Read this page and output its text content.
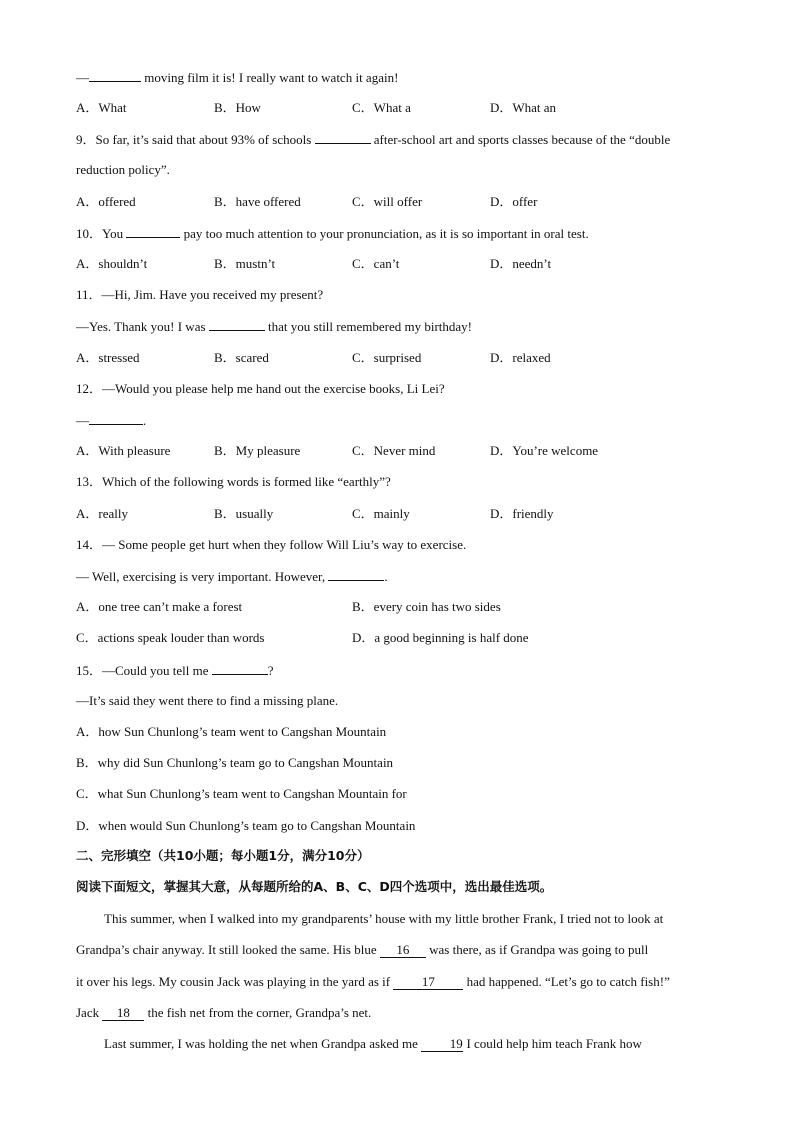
—	moving film it is! I really want to watch it again!
A．What	B．How	C．What a	D．What an
9．So far, it’s said that about 93% of schools	after-school art and sports classes because of the “double
reduction policy”.
A．offered	B．have offered	C．will offer	D．offer
10．You	pay too much attention to your pronunciation, as it is so important in oral test.
A．shouldn’t	B．mustn’t	C．can’t	D．needn’t
11．—Hi, Jim. Have you received my present?
—Yes. Thank you! I was	that you still remembered my birthday!
A．stressed	B．scared	C．surprised	D．relaxed
12．—Would you please help me hand out the exercise books, Li Lei?
—	.
A．With pleasure	B．My pleasure	C．Never mind	D．You’re welcome
13．Which of the following words is formed like “earthly”?
A．really	B．usually	C．mainly	D．friendly
14．— Some people get hurt when they follow Will Liu’s way to exercise.
— Well, exercising is very important. However,	.
A．one tree can’t make a forest	B．every coin has two sides
C．actions speak louder than words	D．a good beginning is half done
15．—Could you tell me	?
—It’s said they went there to find a missing plane.
A．how Sun Chunlong’s team went to Cangshan Mountain
B．why did Sun Chunlong’s team go to Cangshan Mountain
C．what Sun Chunlong’s team went to Cangshan Mountain for
D．when would Sun Chunlong’s team go to Cangshan Mountain
二、完形填空（共10小题；每小题1分，满分10分）
阅读下面短文，掌握其大意，从每题所给的A、B、C、D四个选项中，选出最佳选项。
This summer, when I walked into my grandparents’ house with my little brother Frank, I tried not to look at
Grandpa’s chair anyway. It still looked the same. His blue 16 was there, as if Grandpa was going to pull
it over his legs. My cousin Jack was playing in the yard as if 17 had happened. “Let’s go to catch fish!”
Jack 18 the fish net from the corner, Grandpa’s net.
Last summer, I was holding the net when Grandpa asked me 19 I could help him teach Frank how
